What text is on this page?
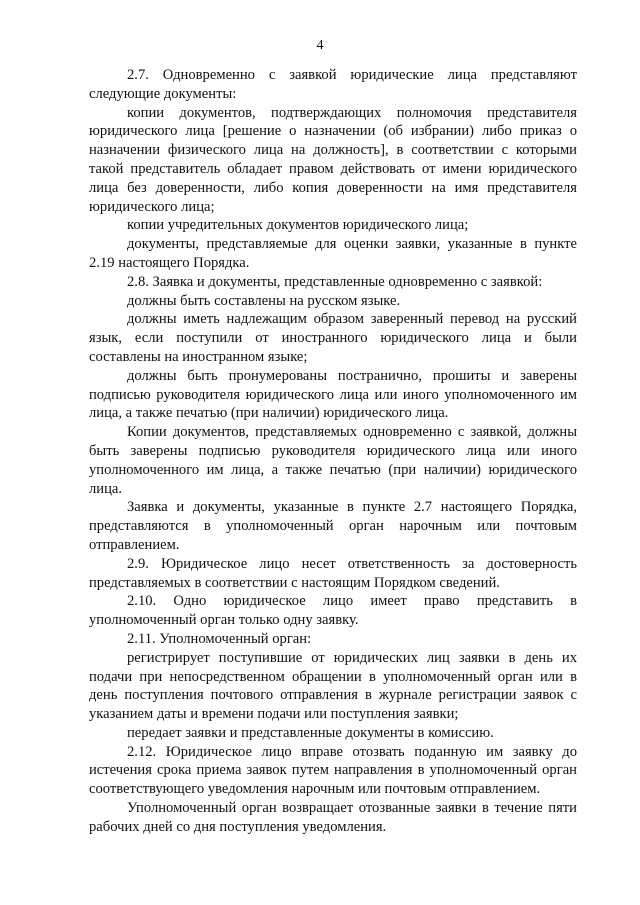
4

2.7. Одновременно с заявкой юридические лица представляют следующие документы:

копии документов, подтверждающих полномочия представителя юридического лица [решение о назначении (об избрании) либо приказ о назначении физического лица на должность], в соответствии с которыми такой представитель обладает правом действовать от имени юридического лица без доверенности, либо копия доверенности на имя представителя юридического лица;

копии учредительных документов юридического лица;

документы, представляемые для оценки заявки, указанные в пункте 2.19 настоящего Порядка.

2.8. Заявка и документы, представленные одновременно с заявкой:

должны быть составлены на русском языке.

должны иметь надлежащим образом заверенный перевод на русский язык, если поступили от иностранного юридического лица и были составлены на иностранном языке;

должны быть пронумерованы постранично, прошиты и заверены подписью руководителя юридического лица или иного уполномоченного им лица, а также печатью (при наличии) юридического лица.

Копии документов, представляемых одновременно с заявкой, должны быть заверены подписью руководителя юридического лица или иного уполномоченного им лица, а также печатью (при наличии) юридического лица.

Заявка и документы, указанные в пункте 2.7 настоящего Порядка, представляются в уполномоченный орган нарочным или почтовым отправлением.

2.9. Юридическое лицо несет ответственность за достоверность представляемых в соответствии с настоящим Порядком сведений.

2.10. Одно юридическое лицо имеет право представить в уполномоченный орган только одну заявку.

2.11. Уполномоченный орган:

регистрирует поступившие от юридических лиц заявки в день их подачи при непосредственном обращении в уполномоченный орган или в день поступления почтового отправления в журнале регистрации заявок с указанием даты и времени подачи или поступления заявки;

передает заявки и представленные документы в комиссию.

2.12. Юридическое лицо вправе отозвать поданную им заявку до истечения срока приема заявок путем направления в уполномоченный орган соответствующего уведомления нарочным или почтовым отправлением.

Уполномоченный орган возвращает отозванные заявки в течение пяти рабочих дней со дня поступления уведомления.
